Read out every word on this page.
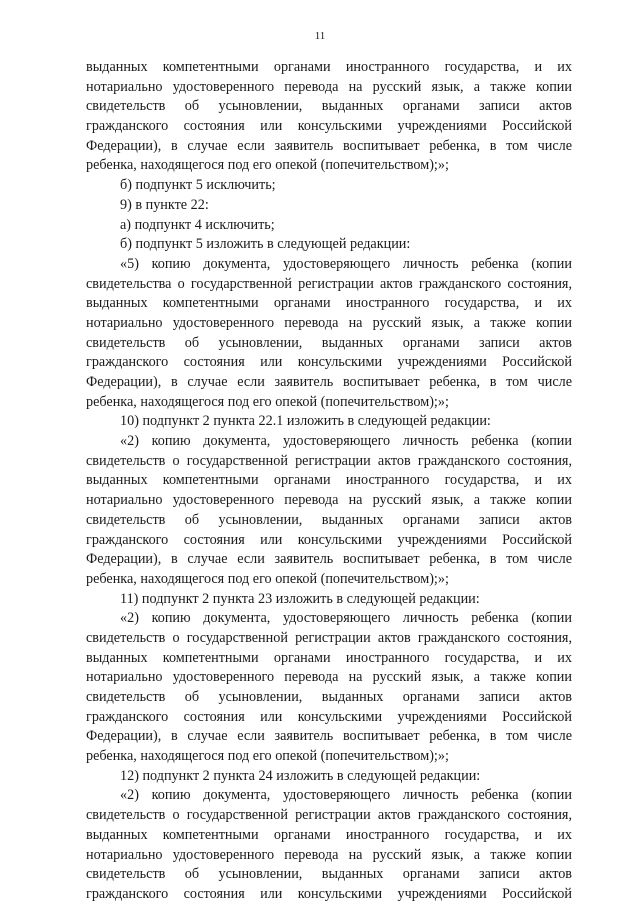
11
выданных компетентными органами иностранного государства, и их
нотариально удостоверенного перевода на русский язык, а также копии
свидетельств об усыновлении, выданных органами записи актов
гражданского состояния или консульскими учреждениями Российской
Федерации), в случае если заявитель воспитывает ребенка, в том числе
ребенка, находящегося под его опекой (попечительством);»;
б) подпункт 5 исключить;
9) в пункте 22:
а) подпункт 4 исключить;
б) подпункт 5 изложить в следующей редакции:
«5) копию документа, удостоверяющего личность ребенка (копии
свидетельства о государственной регистрации актов гражданского состояния,
выданных компетентными органами иностранного государства, и их
нотариально удостоверенного перевода на русский язык, а также копии
свидетельств об усыновлении, выданных органами записи актов
гражданского состояния или консульскими учреждениями Российской
Федерации), в случае если заявитель воспитывает ребенка, в том числе
ребенка, находящегося под его опекой (попечительством);»;
10) подпункт 2 пункта 22.1 изложить в следующей редакции:
«2) копию документа, удостоверяющего личность ребенка (копии
свидетельств о государственной регистрации актов гражданского состояния,
выданных компетентными органами иностранного государства, и их
нотариально удостоверенного перевода на русский язык, а также копии
свидетельств об усыновлении, выданных органами записи актов
гражданского состояния или консульскими учреждениями Российской
Федерации), в случае если заявитель воспитывает ребенка, в том числе
ребенка, находящегося под его опекой (попечительством);»;
11) подпункт 2 пункта 23 изложить в следующей редакции:
«2) копию документа, удостоверяющего личность ребенка (копии
свидетельств о государственной регистрации актов гражданского состояния,
выданных компетентными органами иностранного государства, и их
нотариально удостоверенного перевода на русский язык, а также копии
свидетельств об усыновлении, выданных органами записи актов
гражданского состояния или консульскими учреждениями Российской
Федерации), в случае если заявитель воспитывает ребенка, в том числе
ребенка, находящегося под его опекой (попечительством);»;
12) подпункт 2 пункта 24 изложить в следующей редакции:
«2) копию документа, удостоверяющего личность ребенка (копии
свидетельств о государственной регистрации актов гражданского состояния,
выданных компетентными органами иностранного государства, и их
нотариально удостоверенного перевода на русский язык, а также копии
свидетельств об усыновлении, выданных органами записи актов
гражданского состояния или консульскими учреждениями Российской
